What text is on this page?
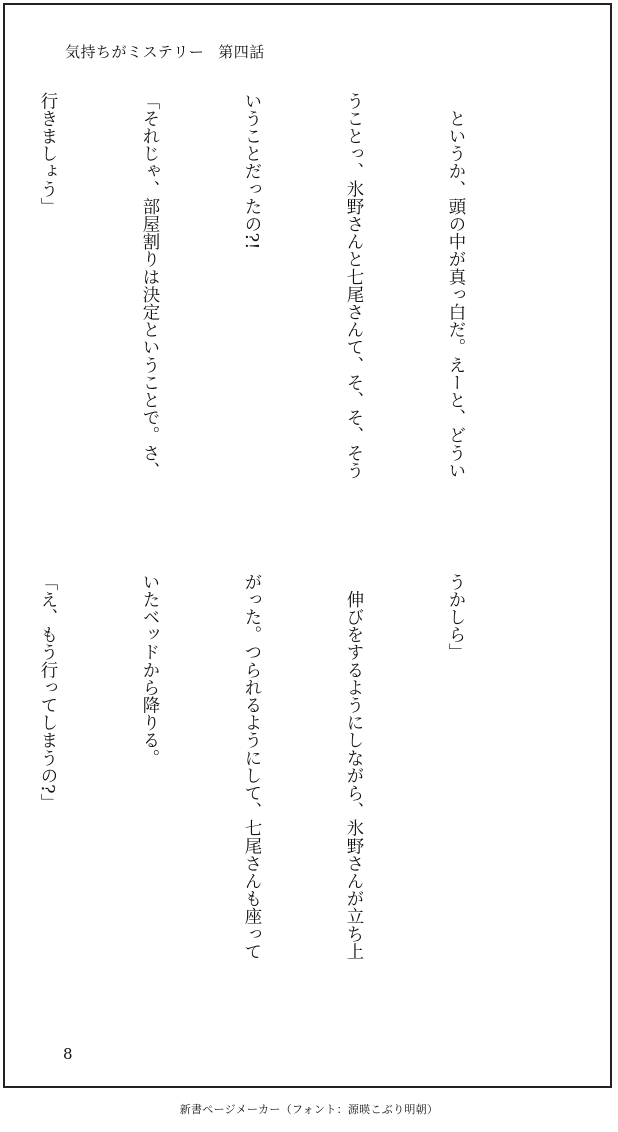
気持ちがミステリー 第四話

　というか、頭の中が真っ白だ。えーと、どうい

うことっ、氷野さんと七尾さんて、そ、そ、そう

いうことだったの?!

「それじゃ、部屋割りは決定ということで。さ、

行きましょう」

うかしら」

　伸びをするようにしながら、氷野さんが立ち上

がった。つられるようにして、七尾さんも座って

いたベッドから降りる。

「え、もう行ってしまうの?」

8
新書ページメーカー（フォント：源暎こぶり明朝）
